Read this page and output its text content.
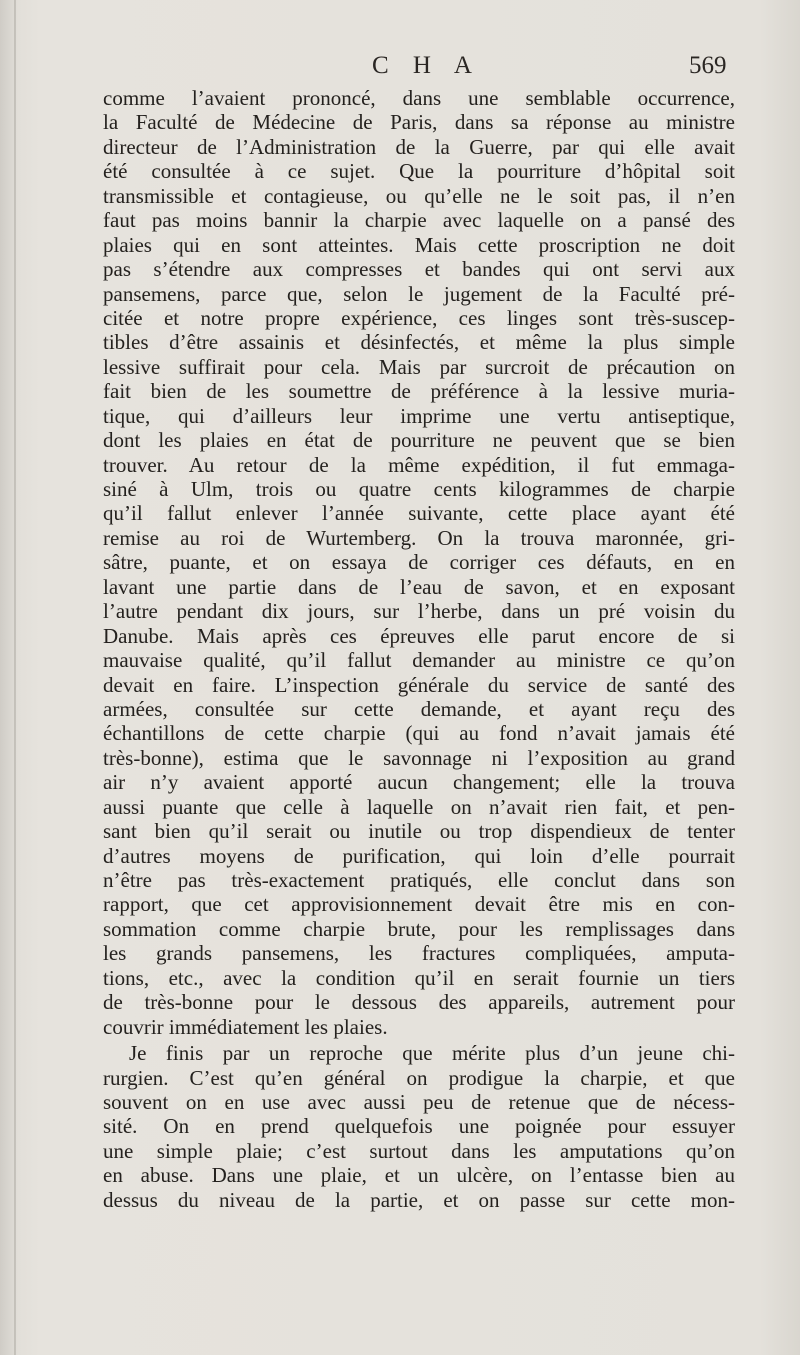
C H A	569
comme l’avaient prononcé, dans une semblable occurrence,
la Faculté de Médecine de Paris, dans sa réponse au ministre
directeur de l’Administration de la Guerre, par qui elle avait
été consultée à ce sujet. Que la pourriture d’hôpital soit
transmissible et contagieuse, ou qu’elle ne le soit pas, il n’en
faut pas moins bannir la charpie avec laquelle on a pansé des
plaies qui en sont atteintes. Mais cette proscription ne doit
pas s’étendre aux compresses et bandes qui ont servi aux
pansemens, parce que, selon le jugement de la Faculté pré-
citée et notre propre expérience, ces linges sont très-suscep-
tibles d’être assainis et désinfectés, et même la plus simple
lessive suffirait pour cela. Mais par surcroit de précaution on
fait bien de les soumettre de préférence à la lessive muria-
tique, qui d’ailleurs leur imprime une vertu antiseptique,
dont les plaies en état de pourriture ne peuvent que se bien
trouver. Au retour de la même expédition, il fut emmaga-
siné à Ulm, trois ou quatre cents kilogrammes de charpie
qu’il fallut enlever l’année suivante, cette place ayant été
remise au roi de Wurtemberg. On la trouva maronnée, gri-
sâtre, puante, et on essaya de corriger ces défauts, en en
lavant une partie dans de l’eau de savon, et en exposant
l’autre pendant dix jours, sur l’herbe, dans un pré voisin du
Danube. Mais après ces épreuves elle parut encore de si
mauvaise qualité, qu’il fallut demander au ministre ce qu’on
devait en faire. L’inspection générale du service de santé des
armées, consultée sur cette demande, et ayant reçu des
échantillons de cette charpie (qui au fond n’avait jamais été
très-bonne), estima que le savonnage ni l’exposition au grand
air n’y avaient apporté aucun changement; elle la trouva
aussi puante que celle à laquelle on n’avait rien fait, et pen-
sant bien qu’il serait ou inutile ou trop dispendieux de tenter
d’autres moyens de purification, qui loin d’elle pourrait
n’être pas très-exactement pratiqués, elle conclut dans son
rapport, que cet approvisionnement devait être mis en con-
sommation comme charpie brute, pour les remplissages dans
les grands pansemens, les fractures compliquées, amputa-
tions, etc., avec la condition qu’il en serait fournie un tiers
de très-bonne pour le dessous des appareils, autrement pour
couvrir immédiatement les plaies.
Je finis par un reproche que mérite plus d’un jeune chi-
rurgien. C’est qu’en général on prodigue la charpie, et que
souvent on en use avec aussi peu de retenue que de nécess-
sité. On en prend quelquefois une poignée pour essuyer
une simple plaie; c’est surtout dans les amputations qu’on
en abuse. Dans une plaie, et un ulcère, on l’entasse bien au
dessus du niveau de la partie, et on passe sur cette mon-
